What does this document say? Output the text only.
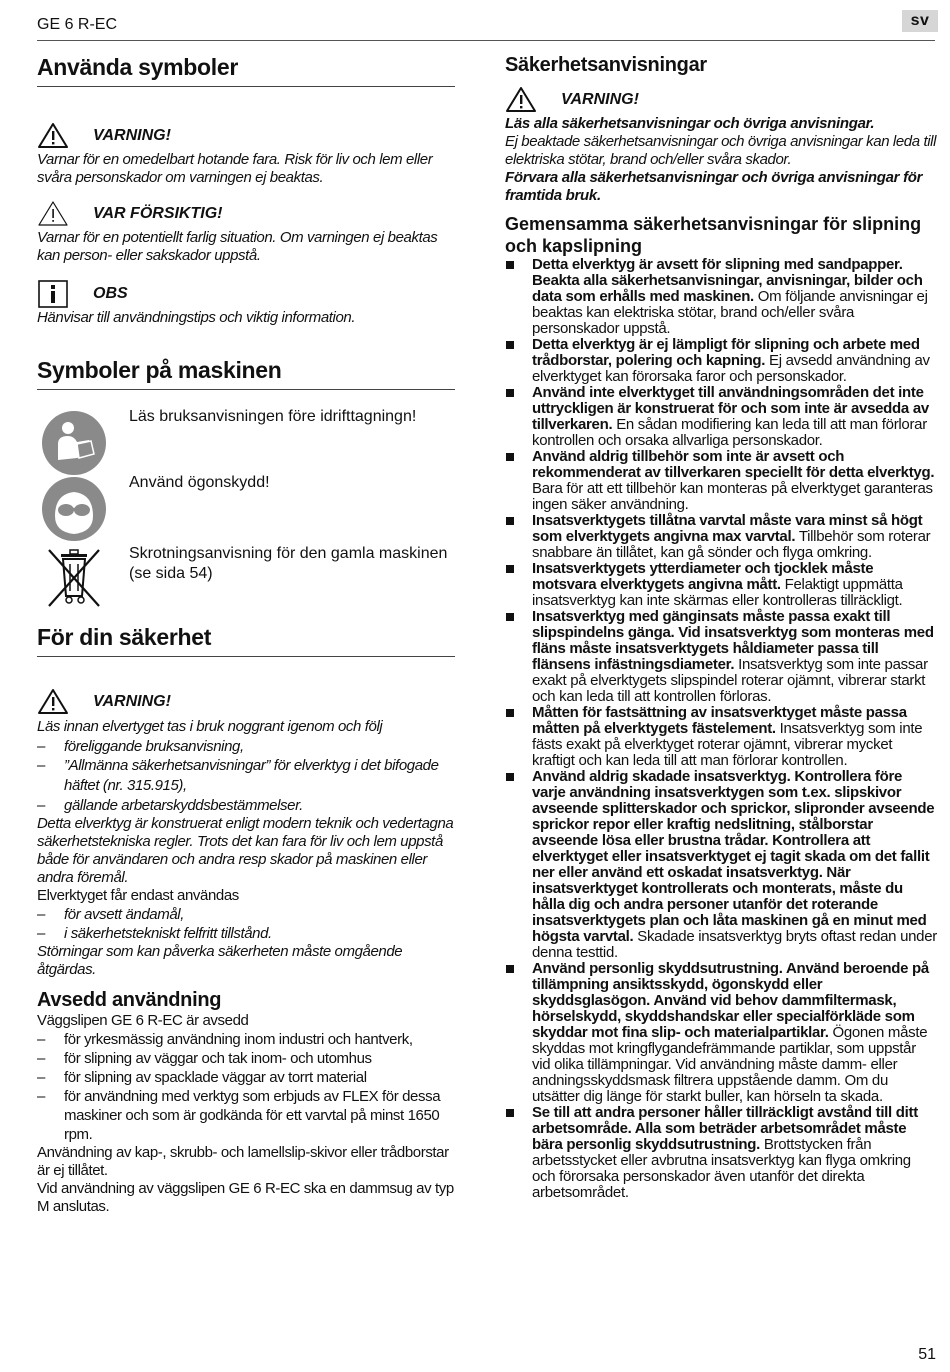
GE 6 R-EC	sv
Använda symboler
VARNING!

Varnar för en omedelbart hotande fara. Risk för liv och lem eller svåra personskador om varningen ej beaktas.

VAR FÖRSIKTIG!

Varnar för en potentiellt farlig situation. Om varningen ej beaktas kan person- eller sakskador uppstå.

OBS

Hänvisar till användningstips och viktig information.

Symboler på maskinen
Läs bruksanvisningen före idrifttagningn!
Använd ögonskydd!
Skrotningsanvisning för den gamla maskinen (se sida 54)
För din säkerhet
VARNING!

Läs innan elvertyget tas i bruk noggrant igenom och följ

–	föreliggande bruksanvisning,
–	”Allmänna säkerhetsanvisningar” för elverktyg i det bifogade häftet (nr. 315.915),
–	gällande arbetarskyddsbestämmelser.

Detta elverktyg är konstruerat enligt modern teknik och vedertagna säkerhetstekniska regler. Trots det kan fara för liv och lem uppstå både för användaren och andra resp skador på maskinen eller andra föremål.

Elverktyget får endast användas

–	för avsett ändamål,
–	i säkerhetstekniskt felfritt tillstånd.

Störningar som kan påverka säkerheten måste omgående åtgärdas.

Avsedd användning

Väggslipen GE 6 R-EC är avsedd

–	för yrkesmässig användning inom industri och hantverk,
–	för slipning av väggar och tak inom- och utomhus
–	för slipning av spacklade väggar av torrt material
–	för användning med verktyg som erbjuds av FLEX för dessa maskiner och som är godkända för ett varvtal på minst 1650 rpm.

Användning av kap-, skrubb- och lamellslip-skivor eller trådborstar är ej tillåtet.

Vid användning av väggslipen GE 6 R-EC ska en dammsug av typ M anslutas.

Säkerhetsanvisningar
VARNING!

Läs alla säkerhetsanvisningar och övriga anvisningar.

Ej beaktade säkerhetsanvisningar och övriga anvisningar kan leda till elektriska stötar, brand och/eller svåra skador.

Förvara alla säkerhetsanvisningar och övriga anvisningar för framtida bruk.

Gemensamma säkerhetsanvisningar för slipning och kapslipning
Detta elverktyg är avsett för slipning med sandpapper. Beakta alla säkerhetsanvisningar, anvisningar, bilder och data som erhålls med maskinen. Om följande anvisningar ej beaktas kan elektriska stötar, brand och/eller svåra personskador uppstå.
Detta elverktyg är ej lämpligt för slipning och arbete med trådborstar, polering och kapning. Ej avsedd användning av elverktyget kan förorsaka faror och personskador.
Använd inte elverktyget till användningsområden det inte uttryckligen är konstruerat för och som inte är avsedda av tillverkaren. En sådan modifiering kan leda till att man förlorar kontrollen och orsaka allvarliga personskador.
Använd aldrig tillbehör som inte är avsett och rekommenderat av tillverkaren speciellt för detta elverktyg. Bara för att ett tillbehör kan monteras på elverktyget garanteras ingen säker användning.
Insatsverktygets tillåtna varvtal måste vara minst så högt som elverktygets angivna max varvtal. Tillbehör som roterar snabbare än tillåtet, kan gå sönder och flyga omkring.
Insatsverktygets ytterdiameter och tjocklek måste motsvara elverktygets angivna mått. Felaktigt uppmätta insatsverktyg kan inte skärmas eller kontrolleras tillräckligt.
Insatsverktyg med gänginsats måste passa exakt till slipspindelns gänga. Vid insatsverktyg som monteras med fläns måste insatsverktygets håldiameter passa till flänsens infästningsdiameter. Insatsverktyg som inte passar exakt på elverktygets slipspindel roterar ojämnt, vibrerar starkt och kan leda till att kontrollen förloras.
Måtten för fastsättning av insatsverktyget måste passa måtten på elverktygets fästelement. Insatsverktyg som inte fästs exakt på elverktyget roterar ojämnt, vibrerar mycket kraftigt och kan leda till att man förlorar kontrollen.
Använd aldrig skadade insatsverktyg. Kontrollera före varje användning insatsverktygen som t.ex. slipskivor avseende splitterskador och sprickor, slipronder avseende sprickor repor eller kraftig nedslitning, stålborstar avseende lösa eller brustna trådar. Kontrollera att elverktyget eller insatsverktyget ej tagit skada om det fallit ner eller använd ett oskadat insatsverktyg. När insatsverktyget kontrollerats och monterats, måste du hålla dig och andra personer utanför det roterande insatsverktygets plan och låta maskinen gå en minut med högsta varvtal. Skadade insatsverktyg bryts oftast redan under denna testtid.
Använd personlig skyddsutrustning. Använd beroende på tillämpning ansiktsskydd, ögonskydd eller skyddsglasögon. Använd vid behov dammfiltermask, hörselskydd, skyddshandskar eller specialförkläde som skyddar mot fina slip- och materialpartiklar. Ögonen måste skyddas mot kringflygandefrämmande partiklar, som uppstår vid olika tillämpningar. Vid användning måste damm- eller andningsskyddsmask filtrera uppstående damm. Om du utsätter dig länge för starkt buller, kan hörseln ta skada.
Se till att andra personer håller tillräckligt avstånd till ditt arbetsområde. Alla som beträder arbetsområdet måste bära personlig skyddsutrustning. Brottstycken från arbetsstycket eller avbrutna insatsverktyg kan flyga omkring och förorsaka personskador även utanför det direkta arbetsområdet.
51
